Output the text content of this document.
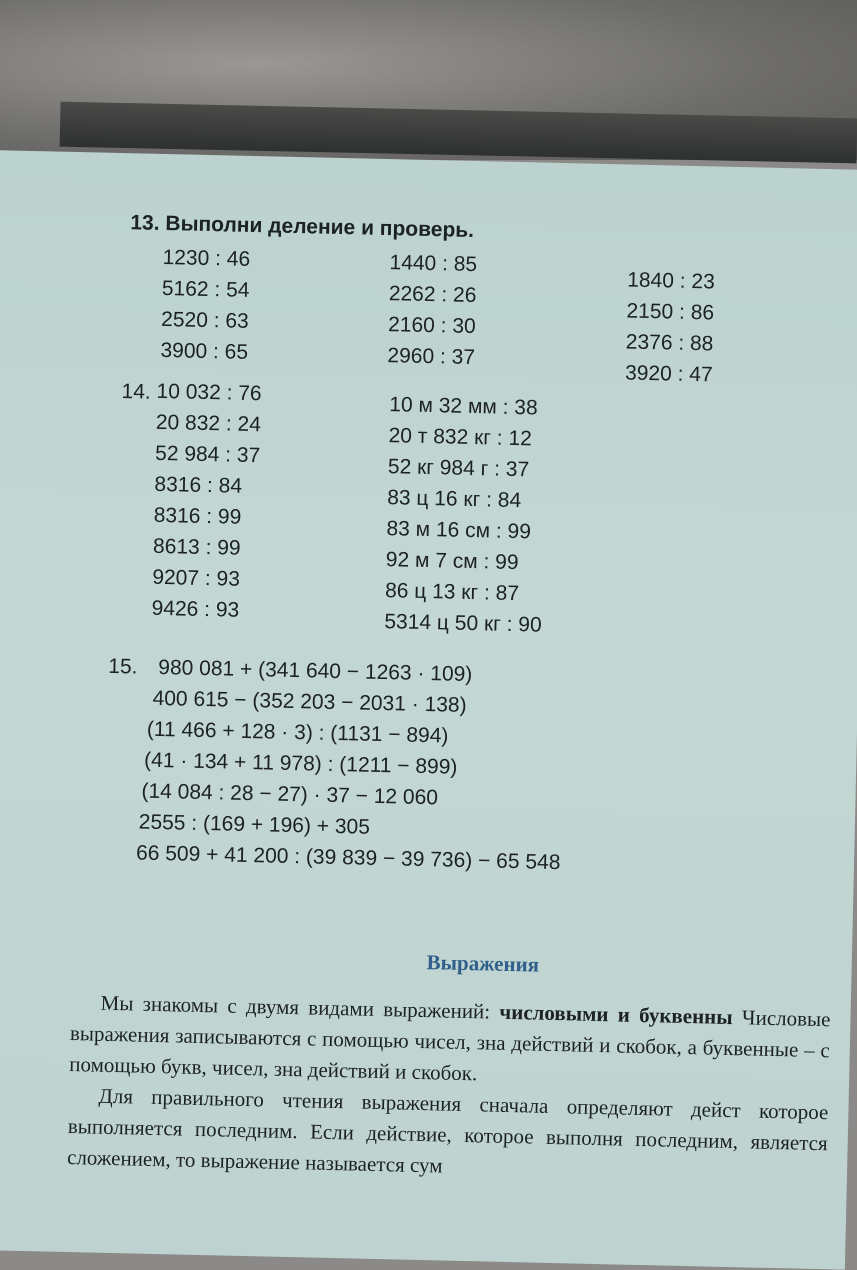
13. Выполни деление и проверь.
1230 : 46
5162 : 54
2520 : 63
3900 : 65
1440 : 85
2262 : 26
2160 : 30
2960 : 37
1840 : 23
2150 : 86
2376 : 88
3920 : 47
14. 10 032 : 76
20 832 : 24
52 984 : 37
8316 : 84
8316 : 99
8613 : 99
9207 : 93
9426 : 93
10 м 32 мм : 38
20 т 832 кг : 12
52 кг 984 г : 37
83 ц 16 кг : 84
83 м 16 см : 99
92 м 7 см : 99
86 ц 13 кг : 87
5314 ц 50 кг : 90
15. 980 081 + (341 640 − 1263 · 109)
400 615 − (352 203 − 2031 · 138)
(11 466 + 128 · 3) : (1131 − 894)
(41 · 134 + 11 978) : (1211 − 899)
(14 084 : 28 − 27) · 37 − 12 060
2555 : (169 + 196) + 305
66 509 + 41 200 : (39 839 − 39 736) − 65 548
Выражения

Мы знакомы с двумя видами выражений: числовыми и буквенны Числовые выражения записываются с помощью чисел, зна действий и скобок, а буквенные – с помощью букв, чисел, зна действий и скобок.

Для правильного чтения выражения сначала определяют дейст которое выполняется последним. Если действие, которое выполня последним, является сложением, то выражение называется сум
